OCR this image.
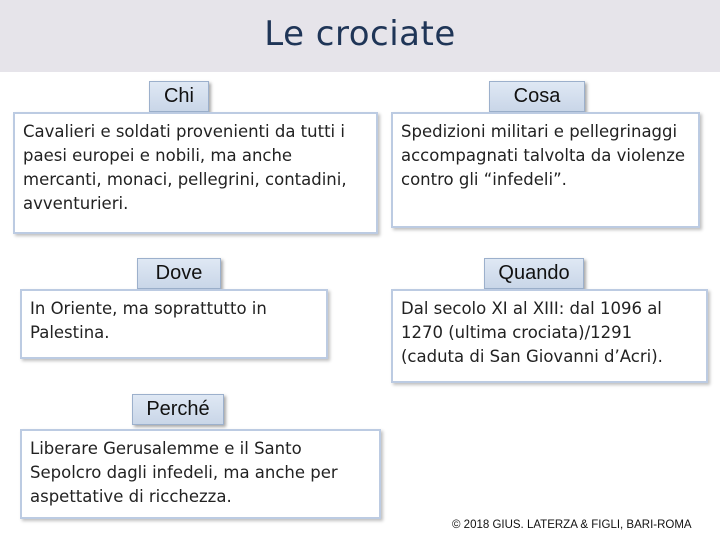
Le crociate
Chi
Cavalieri e soldati provenienti da tutti i paesi europei e nobili, ma anche mercanti, monaci, pellegrini, contadini, avventurieri.
Cosa
Spedizioni militari e pellegrinaggi accompagnati talvolta da violenze contro gli “infedeli”.
Dove
In Oriente, ma soprattutto in Palestina.
Quando
Dal secolo XI al XIII: dal 1096 al 1270 (ultima crociata)/1291 (caduta di San Giovanni d’Acri).
Perché
Liberare Gerusalemme e il Santo Sepolcro dagli infedeli, ma anche per aspettative di ricchezza.
© 2018 GIUS. LATERZA & FIGLI, BARI-ROMA
